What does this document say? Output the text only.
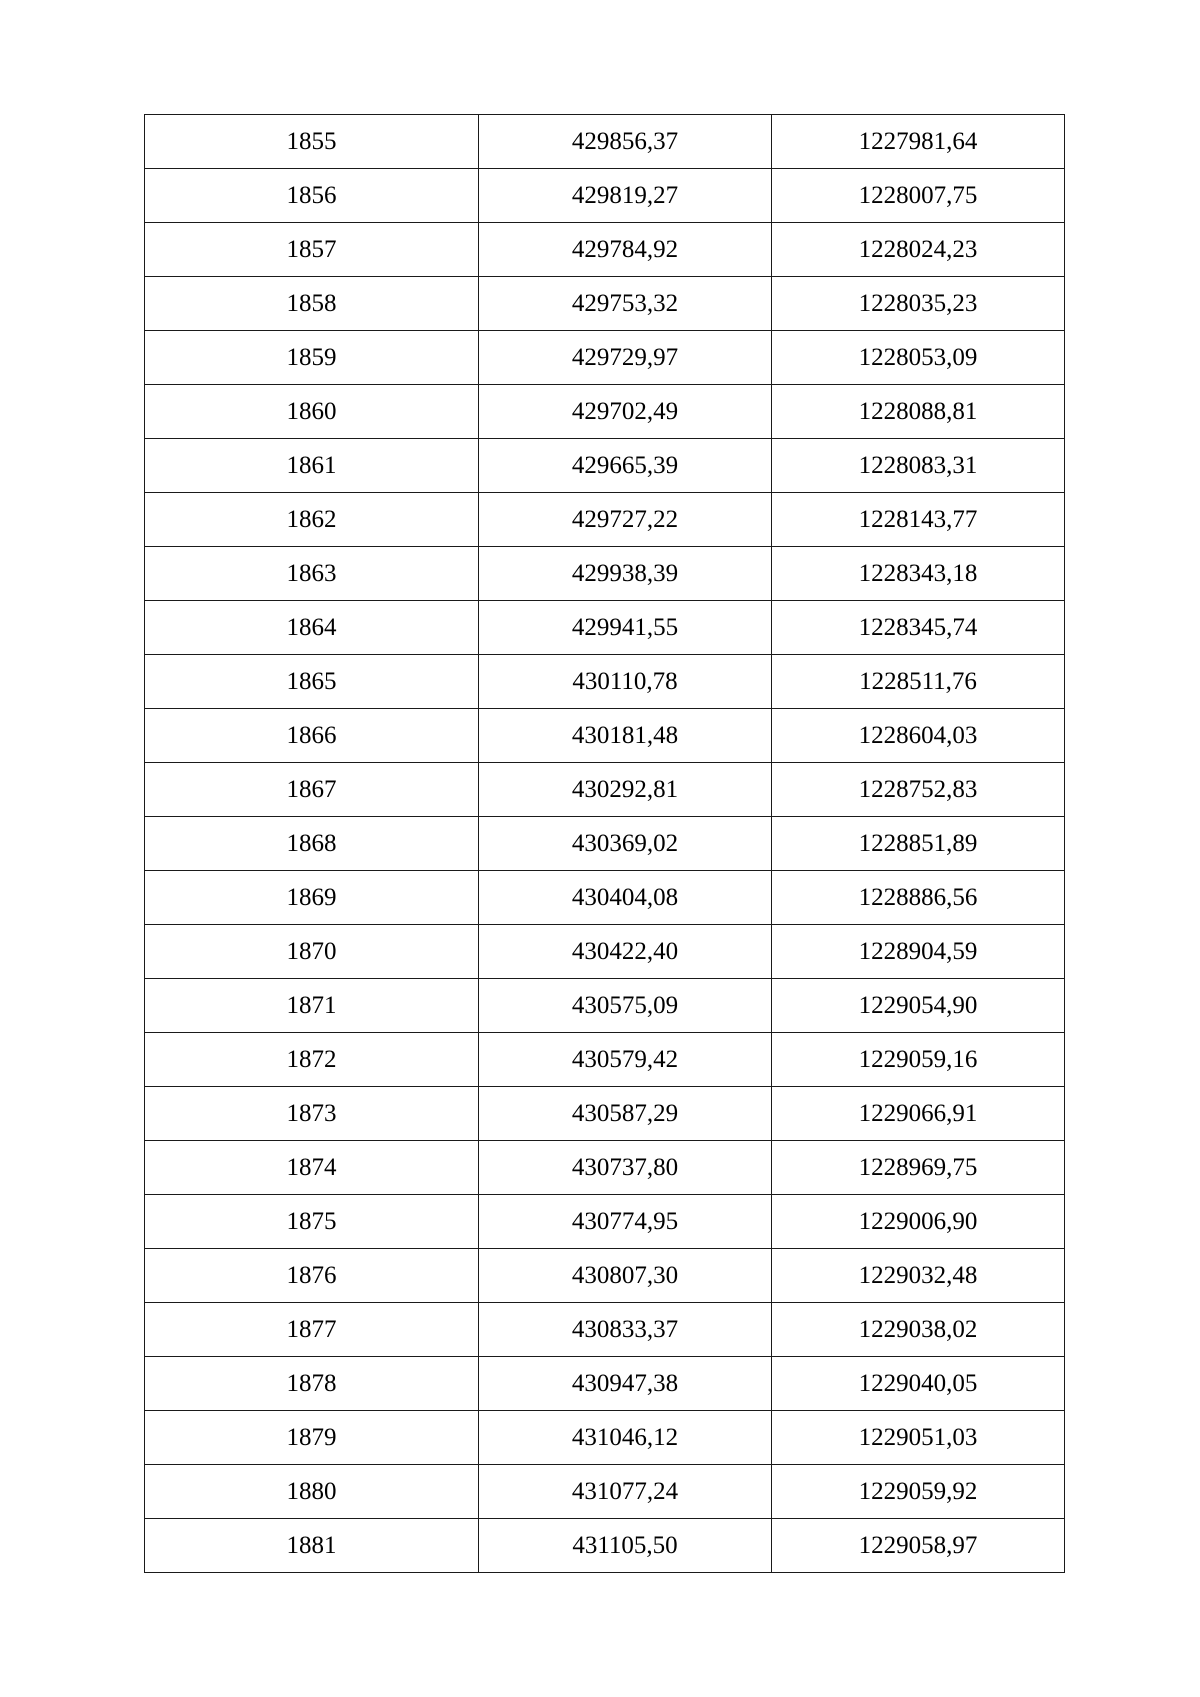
1855	429856,37	1227981,64
1856	429819,27	1228007,75
1857	429784,92	1228024,23
1858	429753,32	1228035,23
1859	429729,97	1228053,09
1860	429702,49	1228088,81
1861	429665,39	1228083,31
1862	429727,22	1228143,77
1863	429938,39	1228343,18
1864	429941,55	1228345,74
1865	430110,78	1228511,76
1866	430181,48	1228604,03
1867	430292,81	1228752,83
1868	430369,02	1228851,89
1869	430404,08	1228886,56
1870	430422,40	1228904,59
1871	430575,09	1229054,90
1872	430579,42	1229059,16
1873	430587,29	1229066,91
1874	430737,80	1228969,75
1875	430774,95	1229006,90
1876	430807,30	1229032,48
1877	430833,37	1229038,02
1878	430947,38	1229040,05
1879	431046,12	1229051,03
1880	431077,24	1229059,92
1881	431105,50	1229058,97
